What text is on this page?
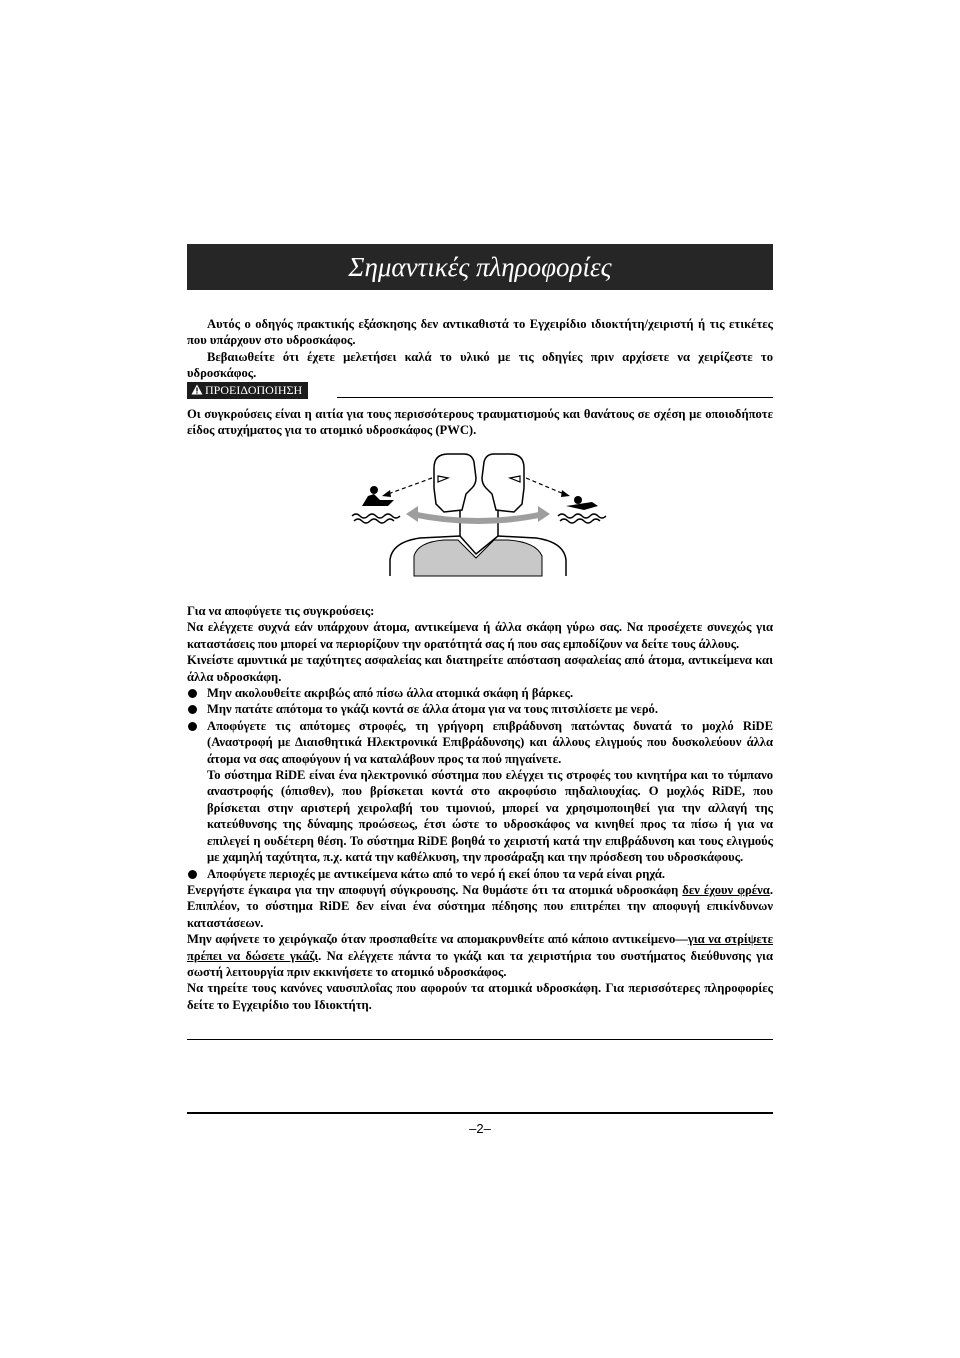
Σημαντικές πληροφορίες

Αυτός ο οδηγός πρακτικής εξάσκησης δεν αντικαθιστά το Εγχειρίδιο ιδιοκτήτη/χειριστή ή τις ετικέτες που υπάρχουν στο υδροσκάφος.

Βεβαιωθείτε ότι έχετε μελετήσει καλά το υλικό με τις οδηγίες πριν αρχίσετε να χειρίζεστε το υδροσκάφος.

ΠΡΟΕΙΔΟΠΟΙΗΣΗ
Οι συγκρούσεις είναι η αιτία για τους περισσότερους τραυματισμούς και θανάτους σε σχέση με οποιοδήποτε είδος ατυχήματος για το ατομικό υδροσκάφος (PWC).

Για να αποφύγετε τις συγκρούσεις:

Να ελέγχετε συχνά εάν υπάρχουν άτομα, αντικείμενα ή άλλα σκάφη γύρω σας. Να προσέχετε συνεχώς για καταστάσεις που μπορεί να περιορίζουν την ορατότητά σας ή που σας εμποδίζουν να δείτε τους άλλους.

Κινείστε αμυντικά με ταχύτητες ασφαλείας και διατηρείτε απόσταση ασφαλείας από άτομα, αντικείμενα και άλλα υδροσκάφη.

Μην ακολουθείτε ακριβώς από πίσω άλλα ατομικά σκάφη ή βάρκες.
Μην πατάτε απότομα το γκάζι κοντά σε άλλα άτομα για να τους πιτσιλίσετε με νερό.
Αποφύγετε τις απότομες στροφές, τη γρήγορη επιβράδυνση πατώντας δυνατά το μοχλό RiDE (Αναστροφή με Διαισθητικά Ηλεκτρονικά Επιβράδυνσης) και άλλους ελιγμούς που δυσκολεύουν άλλα άτομα να σας αποφύγουν ή να καταλάβουν προς τα πού πηγαίνετε.

Το σύστημα RiDE είναι ένα ηλεκτρονικό σύστημα που ελέγχει τις στροφές του κινητήρα και το τύμπανο αναστροφής (όπισθεν), που βρίσκεται κοντά στο ακροφύσιο πηδαλιουχίας. Ο μοχλός RiDE, που βρίσκεται στην αριστερή χειρολαβή του τιμονιού, μπορεί να χρησιμοποιηθεί για την αλλαγή της κατεύθυνσης της δύναμης προώσεως, έτσι ώστε το υδροσκάφος να κινηθεί προς τα πίσω ή για να επιλεγεί η ουδέτερη θέση. Το σύστημα RiDE βοηθά το χειριστή κατά την επιβράδυνση και τους ελιγμούς με χαμηλή ταχύτητα, π.χ. κατά την καθέλκυση, την προσάραξη και την πρόσδεση του υδροσκάφους.

Αποφύγετε περιοχές με αντικείμενα κάτω από το νερό ή εκεί όπου τα νερά είναι ρηχά.

Ενεργήστε έγκαιρα για την αποφυγή σύγκρουσης. Να θυμάστε ότι τα ατομικά υδροσκάφη δεν έχουν φρένα. Επιπλέον, το σύστημα RiDE δεν είναι ένα σύστημα πέδησης που επιτρέπει την αποφυγή επικίνδυνων καταστάσεων.

Μην αφήνετε το χειρόγκαζο όταν προσπαθείτε να απομακρυνθείτε από κάποιο αντικείμενο—για να στρίψετε πρέπει να δώσετε γκάζι. Να ελέγχετε πάντα το γκάζι και τα χειριστήρια του συστήματος διεύθυνσης για σωστή λειτουργία πριν εκκινήσετε το ατομικό υδροσκάφος.

Να τηρείτε τους κανόνες ναυσιπλοΐας που αφορούν τα ατομικά υδροσκάφη. Για περισσότερες πληροφορίες δείτε το Εγχειρίδιο του Ιδιοκτήτη.

–2–
